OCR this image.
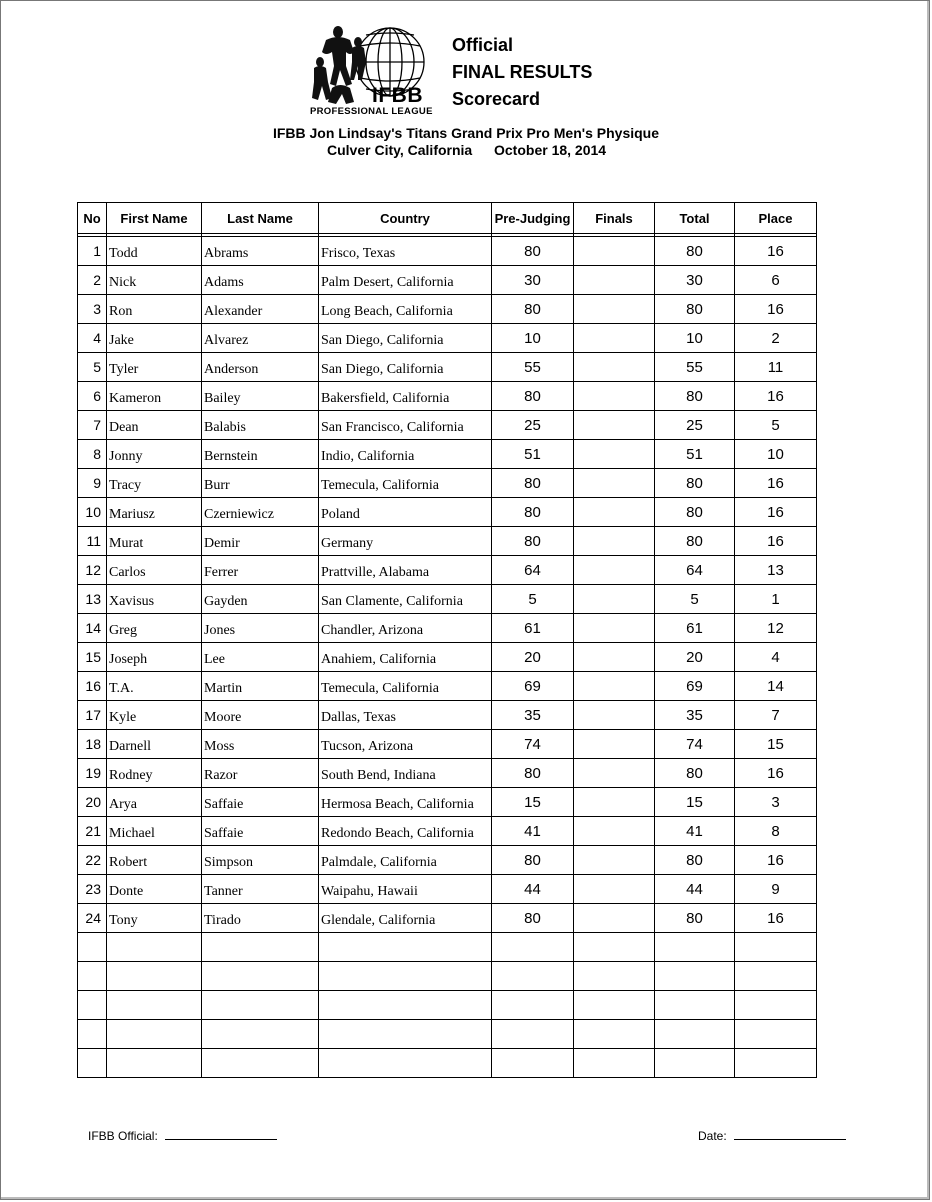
IFBB
PROFESSIONAL LEAGUE
Official
FINAL RESULTS
Scorecard
IFBB Jon Lindsay's Titans Grand Prix Pro Men's Physique
Culver City, California October 18, 2014
No	First Name	Last Name	Country	Pre-Judging	Finals	Total	Place

1	Todd	Abrams	Frisco, Texas	80		80	16
2	Nick	Adams	Palm Desert, California	30		30	6
3	Ron	Alexander	Long Beach, California	80		80	16
4	Jake	Alvarez	San Diego, California	10		10	2
5	Tyler	Anderson	San Diego, California	55		55	11
6	Kameron	Bailey	Bakersfield, California	80		80	16
7	Dean	Balabis	San Francisco, California	25		25	5
8	Jonny	Bernstein	Indio, California	51		51	10
9	Tracy	Burr	Temecula, California	80		80	16
10	Mariusz	Czerniewicz	Poland	80		80	16
11	Murat	Demir	Germany	80		80	16
12	Carlos	Ferrer	Prattville, Alabama	64		64	13
13	Xavisus	Gayden	San Clamente, California	5		5	1
14	Greg	Jones	Chandler, Arizona	61		61	12
15	Joseph	Lee	Anahiem, California	20		20	4
16	T.A.	Martin	Temecula, California	69		69	14
17	Kyle	Moore	Dallas, Texas	35		35	7
18	Darnell	Moss	Tucson, Arizona	74		74	15
19	Rodney	Razor	South Bend, Indiana	80		80	16
20	Arya	Saffaie	Hermosa Beach, California	15		15	3
21	Michael	Saffaie	Redondo Beach, California	41		41	8
22	Robert	Simpson	Palmdale, California	80		80	16
23	Donte	Tanner	Waipahu, Hawaii	44		44	9
24	Tony	Tirado	Glendale, California	80		80	16

IFBB Official:	Date:
